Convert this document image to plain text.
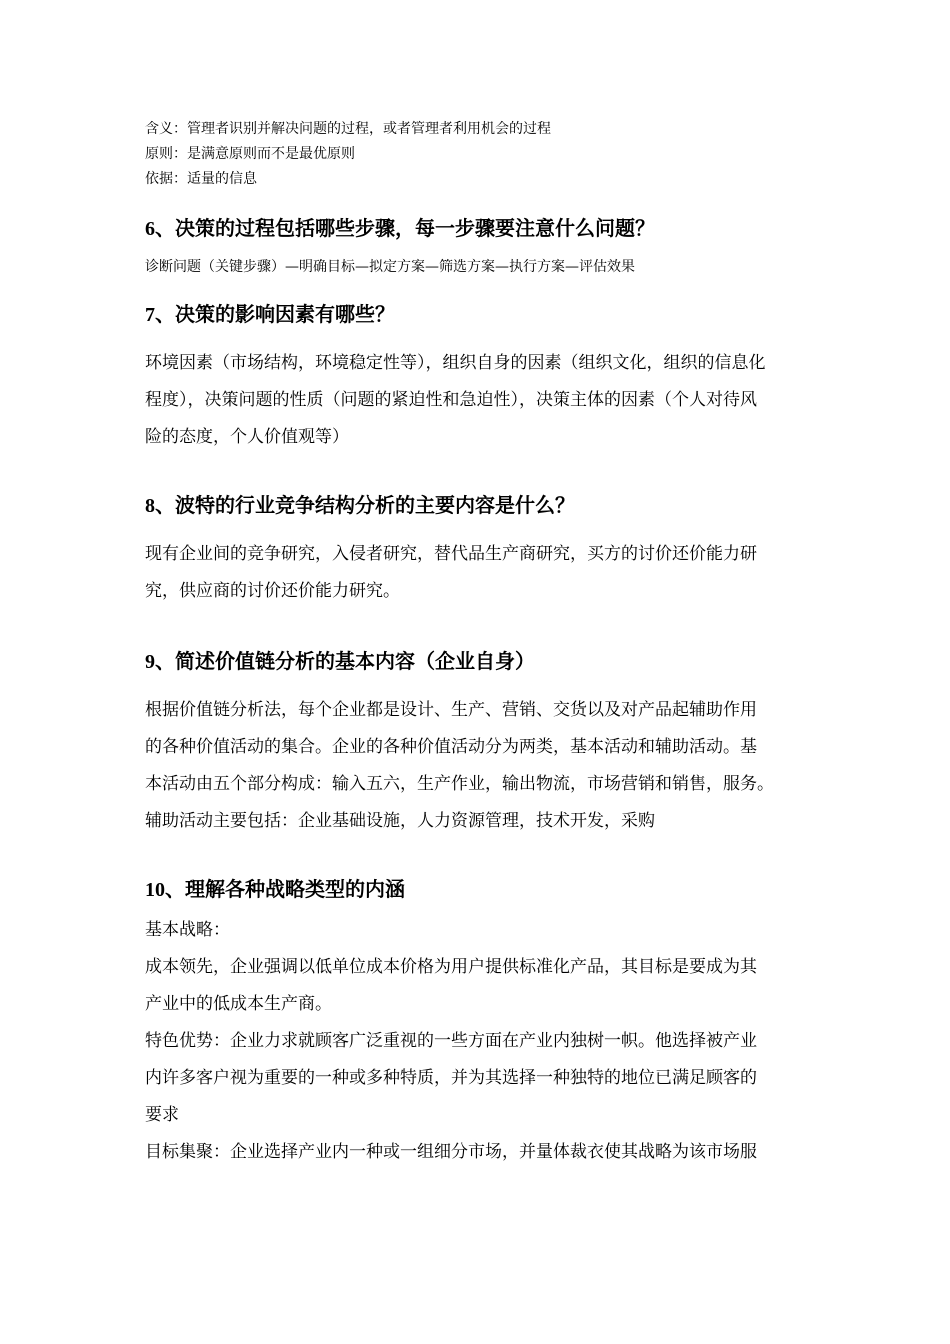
含义：管理者识别并解决问题的过程，或者管理者利用机会的过程

原则：是满意原则而不是最优原则

依据：适量的信息

6、决策的过程包括哪些步骤，每一步骤要注意什么问题？

诊断问题（关键步骤）—明确目标—拟定方案—筛选方案—执行方案—评估效果

7、决策的影响因素有哪些？

环境因素（市场结构，环境稳定性等），组织自身的因素（组织文化，组织的信息化

程度），决策问题的性质（问题的紧迫性和急迫性），决策主体的因素（个人对待风

险的态度，个人价值观等）

8、波特的行业竞争结构分析的主要内容是什么？

现有企业间的竞争研究，入侵者研究，替代品生产商研究，买方的讨价还价能力研

究，供应商的讨价还价能力研究。

9、简述价值链分析的基本内容（企业自身）

根据价值链分析法，每个企业都是设计、生产、营销、交货以及对产品起辅助作用

的各种价值活动的集合。企业的各种价值活动分为两类，基本活动和辅助活动。基

本活动由五个部分构成：输入五六，生产作业，输出物流，市场营销和销售，服务。

辅助活动主要包括：企业基础设施，人力资源管理，技术开发，采购

10、理解各种战略类型的内涵

基本战略：

成本领先，企业强调以低单位成本价格为用户提供标准化产品，其目标是要成为其

产业中的低成本生产商。

特色优势：企业力求就顾客广泛重视的一些方面在产业内独树一帜。他选择被产业

内许多客户视为重要的一种或多种特质，并为其选择一种独特的地位已满足顾客的

要求

目标集聚：企业选择产业内一种或一组细分市场，并量体裁衣使其战略为该市场服
